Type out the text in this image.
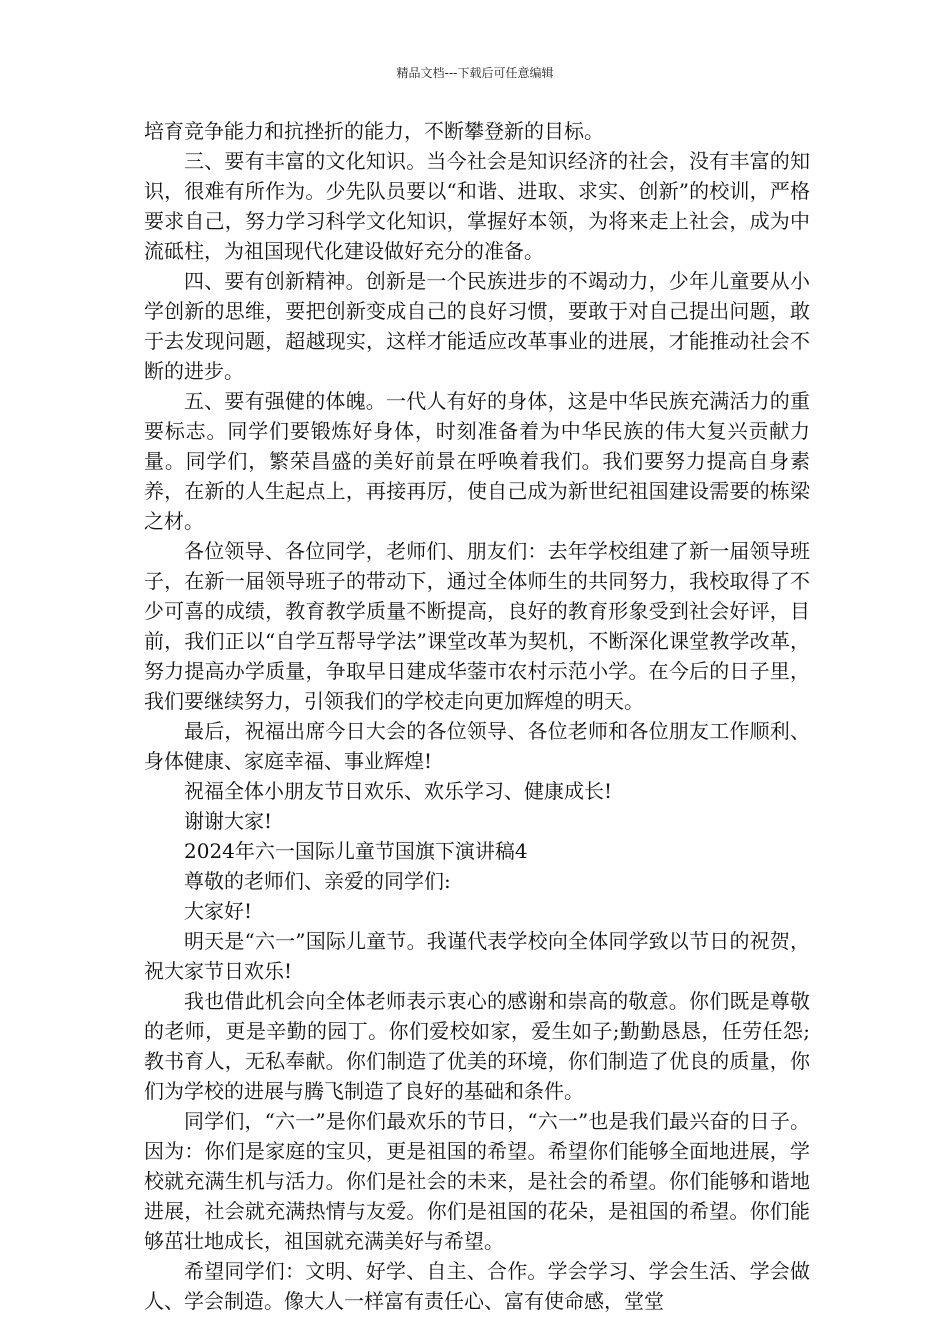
精品文档---下载后可任意编辑

培育竞争能力和抗挫折的能力，不断攀登新的目标。

三、要有丰富的文化知识。当今社会是知识经济的社会，没有丰富的知识，很难有所作为。少先队员要以“和谐、进取、求实、创新”的校训，严格要求自己，努力学习科学文化知识，掌握好本领，为将来走上社会，成为中流砥柱，为祖国现代化建设做好充分的准备。

四、要有创新精神。创新是一个民族进步的不竭动力，少年儿童要从小学创新的思维，要把创新变成自己的良好习惯，要敢于对自己提出问题，敢于去发现问题，超越现实，这样才能适应改革事业的进展，才能推动社会不断的进步。

五、要有强健的体魄。一代人有好的身体，这是中华民族充满活力的重要标志。同学们要锻炼好身体，时刻准备着为中华民族的伟大复兴贡献力量。同学们，繁荣昌盛的美好前景在呼唤着我们。我们要努力提高自身素养，在新的人生起点上，再接再厉，使自己成为新世纪祖国建设需要的栋梁之材。

各位领导、各位同学，老师们、朋友们：去年学校组建了新一届领导班子，在新一届领导班子的带动下，通过全体师生的共同努力，我校取得了不少可喜的成绩，教育教学质量不断提高，良好的教育形象受到社会好评，目前，我们正以“自学互帮导学法”课堂改革为契机，不断深化课堂教学改革，努力提高办学质量，争取早日建成华蓥市农村示范小学。在今后的日子里，我们要继续努力，引领我们的学校走向更加辉煌的明天。

最后，祝福出席今日大会的各位领导、各位老师和各位朋友工作顺利、身体健康、家庭幸福、事业辉煌!

祝福全体小朋友节日欢乐、欢乐学习、健康成长!

谢谢大家!

2024年六一国际儿童节国旗下演讲稿4

尊敬的老师们、亲爱的同学们:

大家好!

明天是“六一”国际儿童节。我谨代表学校向全体同学致以节日的祝贺，祝大家节日欢乐!

我也借此机会向全体老师表示衷心的感谢和崇高的敬意。你们既是尊敬的老师，更是辛勤的园丁。你们爱校如家，爱生如子;勤勤恳恳，任劳任怨;教书育人，无私奉献。你们制造了优美的环境，你们制造了优良的质量，你们为学校的进展与腾飞制造了良好的基础和条件。

同学们，“六一”是你们最欢乐的节日，“六一”也是我们最兴奋的日子。因为：你们是家庭的宝贝，更是祖国的希望。希望你们能够全面地进展，学校就充满生机与活力。你们是社会的未来，是社会的希望。你们能够和谐地进展，社会就充满热情与友爱。你们是祖国的花朵，是祖国的希望。你们能够茁壮地成长，祖国就充满美好与希望。

希望同学们：文明、好学、自主、合作。学会学习、学会生活、学会做人、学会制造。像大人一样富有责任心、富有使命感，堂堂
